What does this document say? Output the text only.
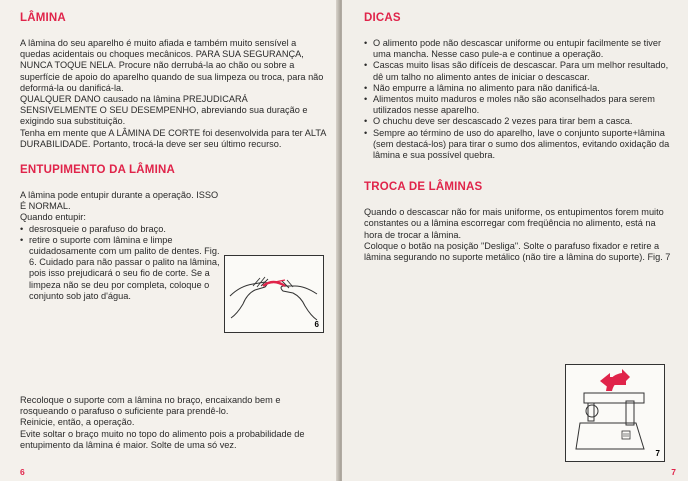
LÂMINA

A lâmina do seu aparelho é muito afiada e também muito sensível a quedas acidentais ou choques mecânicos. PARA SUA SEGURANÇA, NUNCA TOQUE NELA. Procure não derrubá-la ao chão ou sobre a superfície de apoio do aparelho quando de sua limpeza ou troca, para não deformá-la ou danificá-la.

QUALQUER DANO causado na lâmina PREJUDICARÁ SENSIVELMENTE O SEU DESEMPENHO, abreviando sua duração e exigindo sua substituição.

Tenha em mente que A LÂMINA DE CORTE foi desenvolvida para ter ALTA DURABILIDADE. Portanto, trocá-la deve ser seu último recurso.

ENTUPIMENTO DA LÂMINA

A lâmina pode entupir durante a operação. ISSO É NORMAL.

Quando entupir:

• desrosqueie o parafuso do braço.
• retire o suporte com lâmina e limpe cuidadosamente com um palito de dentes. Fig. 6. Cuidado para não passar o palito na lâmina, pois isso prejudicará o seu fio de corte. Se a limpeza não se deu por completa, coloque o conjunto sob jato d'água.

Recoloque o suporte com a lâmina no braço, encaixando bem e rosqueando o parafuso o suficiente para prendê-lo.

Reinicie, então, a operação.

Evite soltar o braço muito no topo do alimento pois a probabilidade de entupimento da lâmina é maior. Solte de uma só vez.

6
6
DICAS
• O alimento pode não descascar uniforme ou entupir facilmente se tiver uma mancha. Nesse caso pule-a e continue a operação.
• Cascas muito lisas são difíceis de descascar. Para um melhor resultado, dê um talho no alimento antes de iniciar o descascar.
• Não empurre a lâmina no alimento para não danificá-la.
• Alimentos muito maduros e moles não são aconselhados para serem utilizados nesse aparelho.
• O chuchu deve ser descascado 2 vezes para tirar bem a casca.
• Sempre ao término de uso do aparelho, lave o conjunto suporte+lâmina (sem destacá-los) para tirar o sumo dos alimentos, evitando oxidação da lâmina e sua possível quebra.
TROCA DE LÂMINAS

Quando o descascar não for mais uniforme, os entupimentos forem muito constantes ou a lâmina escorregar com freqüência no alimento, está na hora de trocar a lâmina.

Coloque o botão na posição "Desliga". Solte o parafuso fixador e retire a lâmina segurando no suporte metálico (não tire a lâmina do suporte). Fig. 7

7
7
